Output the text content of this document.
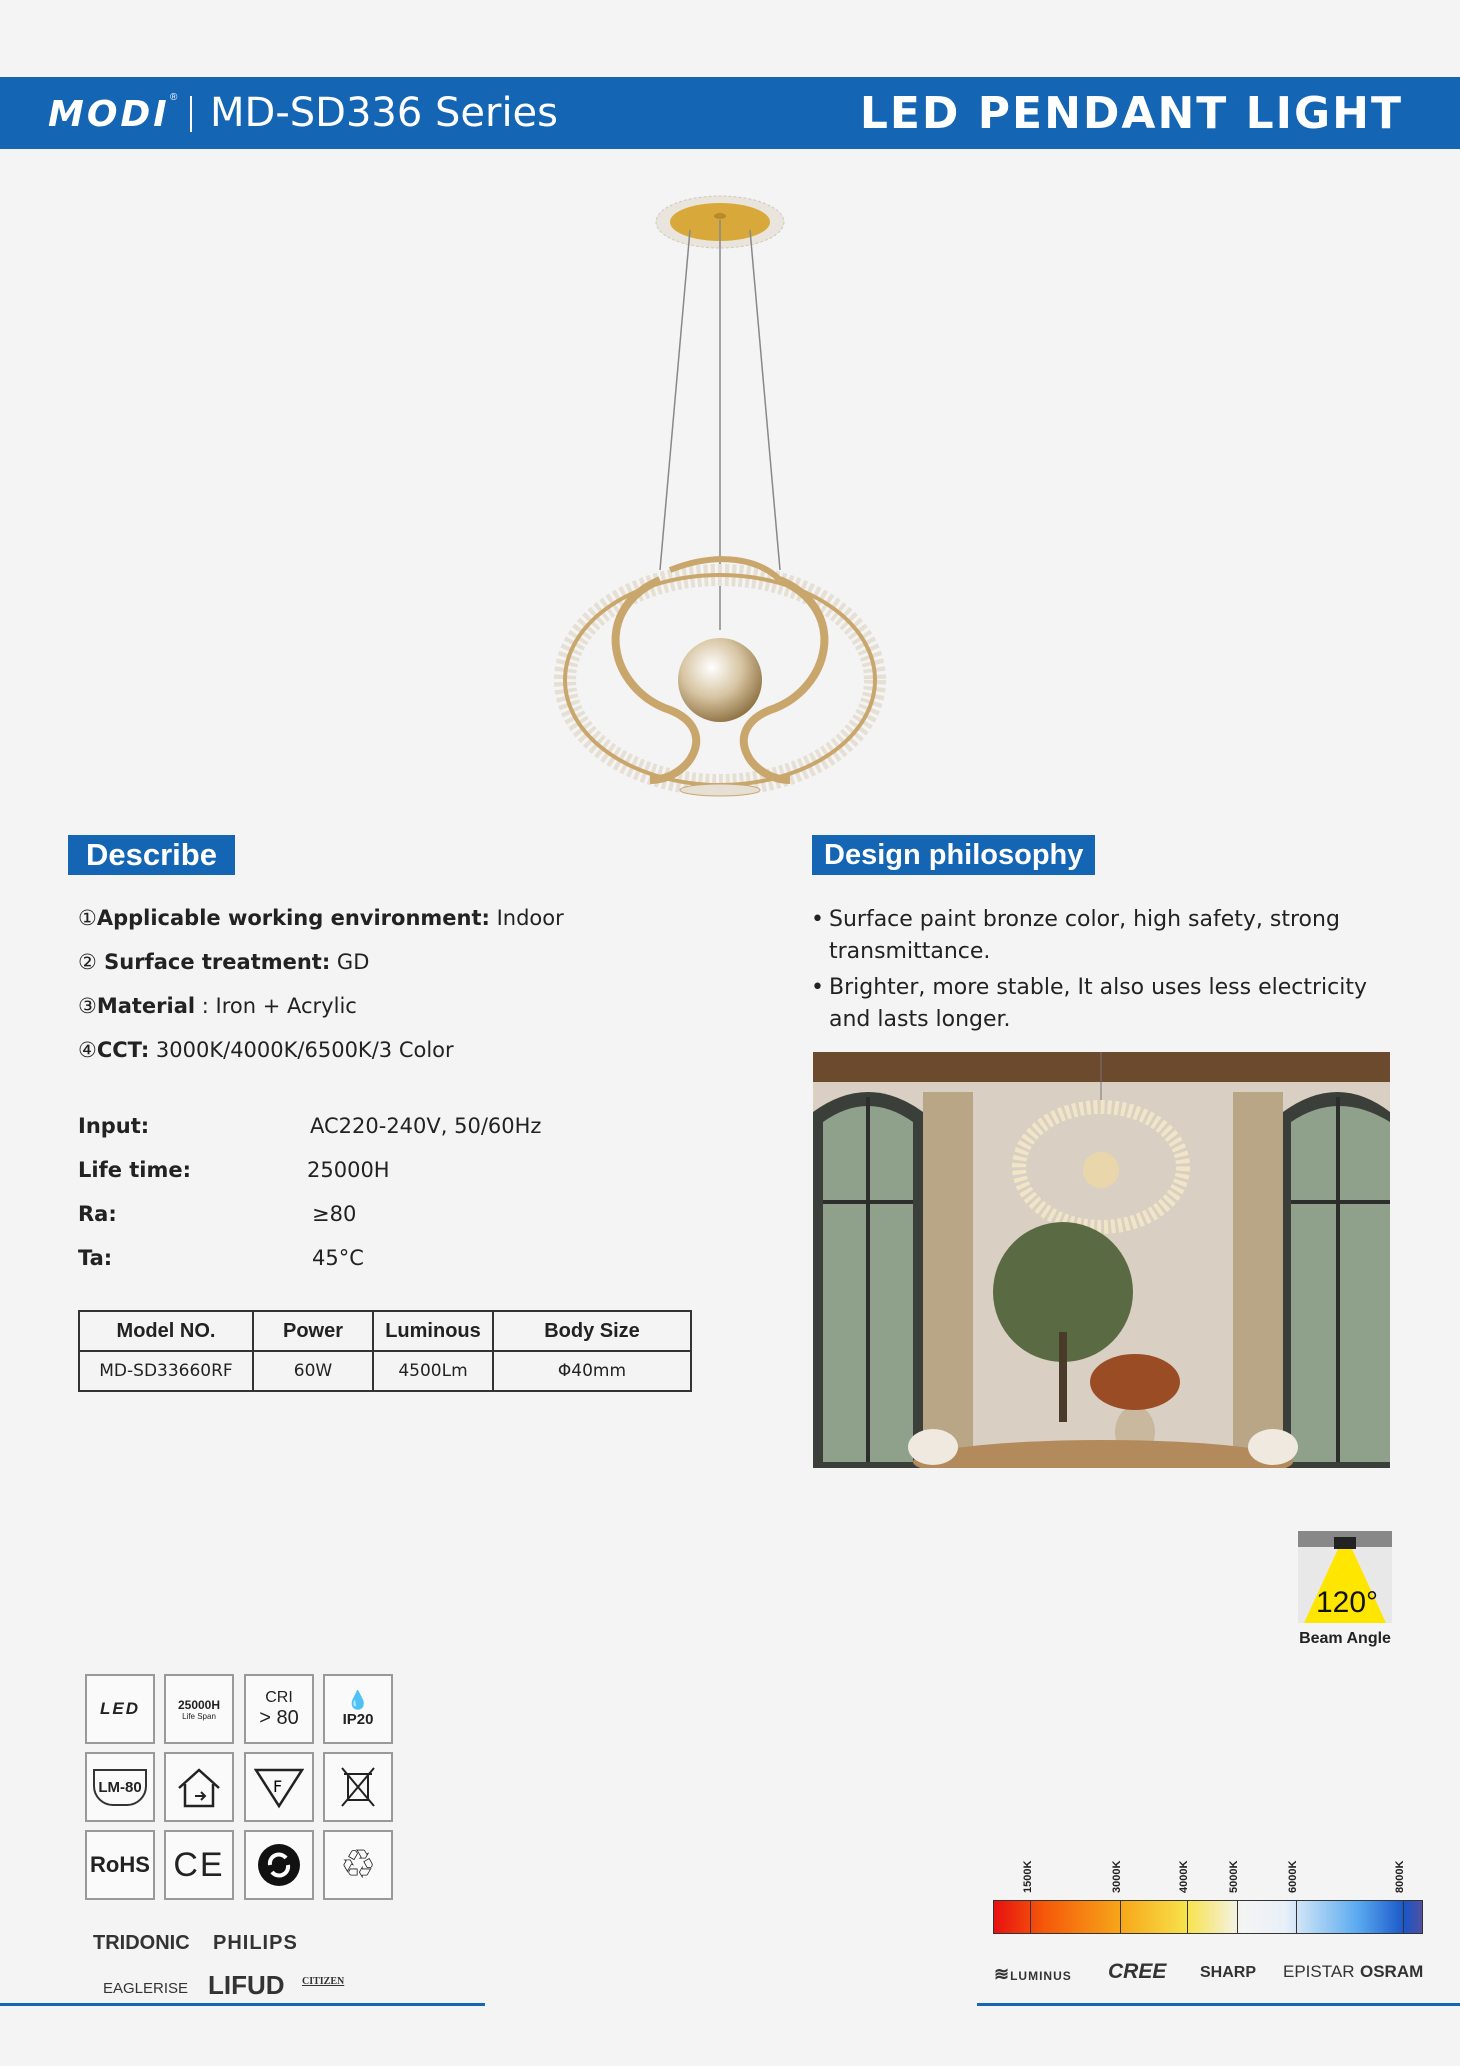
MODI ® MD-SD336 Series	LED PENDANT LIGHT
Describe
①Applicable working environment: Indoor
② Surface treatment: GD
③Material : Iron + Acrylic
④CCT: 3000K/4000K/6500K/3 Color
Input:	AC220-240V, 50/60Hz
Life time:	25000H
Ra:	≥80
Ta:	45°C
Model NO.	Power	Luminous	Body Size
MD-SD33660RF	60W	4500Lm	Φ40mm
Design philosophy
• Surface paint bronze color, high safety, strong transmittance.
• Brighter, more stable, It also uses less electricity and lasts longer.
120°
Beam Angle
LED	25000H
Life Span
CRI
> 80
💧
IP20
LM-80	F
RoHS CE	♲
TRIDONIC PHILIPS
EAGLERISE LIFUD CITIZEN
1500K	3000K	4000K	5000K	6000K	8000K
≋LUMINUS CREE SHARP EPISTAR OSRAM
